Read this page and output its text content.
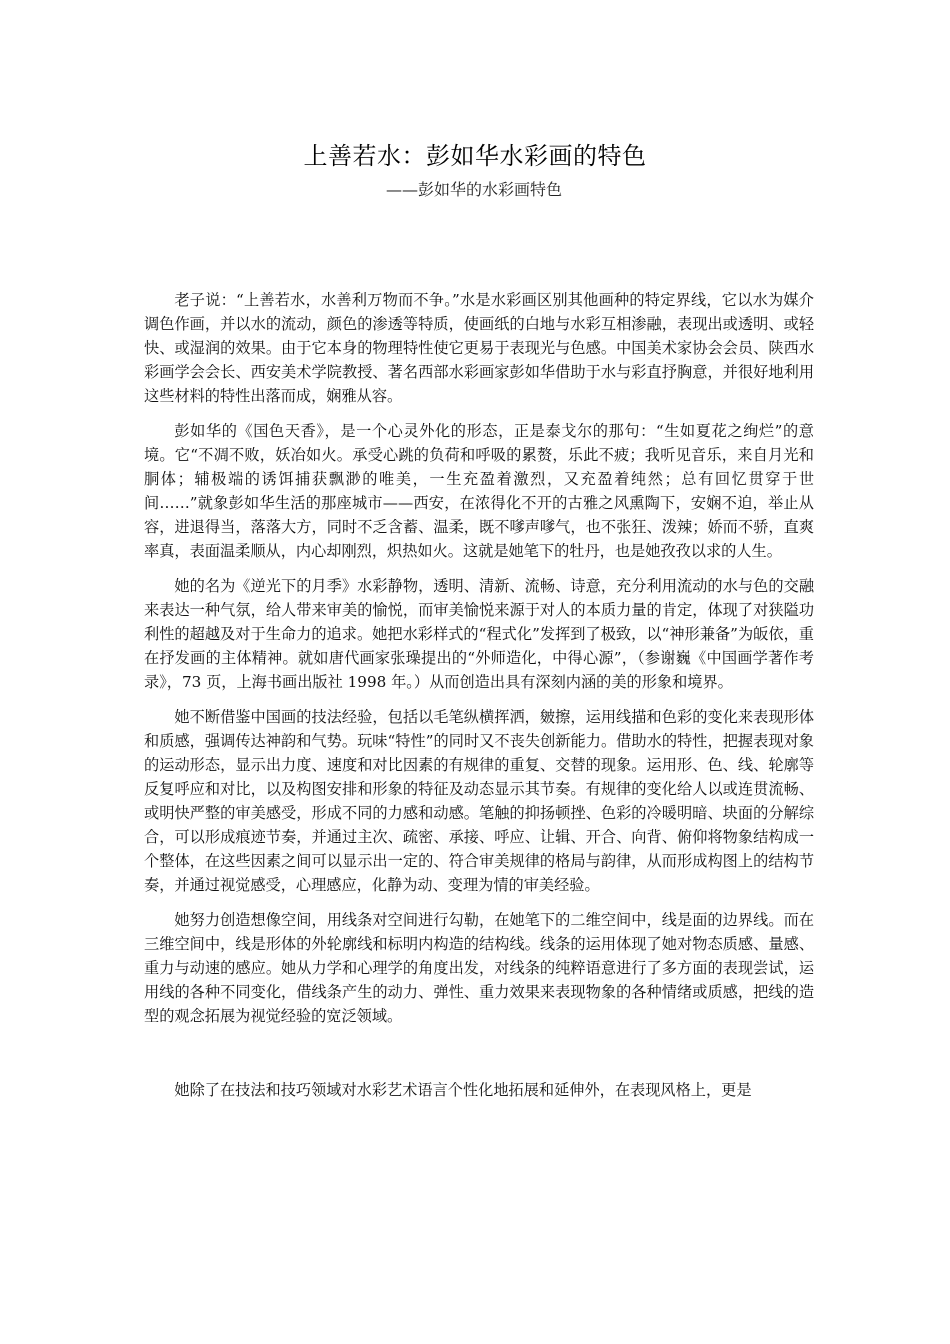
上善若水：彭如华水彩画的特色
——彭如华的水彩画特色

老子说：“上善若水，水善利万物而不争。”水是水彩画区别其他画种的特定界线，它以水为媒介调色作画，并以水的流动，颜色的渗透等特质，使画纸的白地与水彩互相渗融，表现出或透明、或轻快、或湿润的效果。由于它本身的物理特性使它更易于表现光与色感。中国美术家协会会员、陕西水彩画学会会长、西安美术学院教授、著名西部水彩画家彭如华借助于水与彩直抒胸意，并很好地利用这些材料的特性出落而成，娴雅从容。

彭如华的《国色天香》，是一个心灵外化的形态，正是泰戈尔的那句：“生如夏花之绚烂”的意境。它“不凋不败，妖冶如火。承受心跳的负荷和呼吸的累赘，乐此不疲；我听见音乐，来自月光和胴体；辅极端的诱饵捕获飘渺的唯美，一生充盈着激烈，又充盈着纯然；总有回忆贯穿于世间……”就象彭如华生活的那座城市——西安，在浓得化不开的古雅之风熏陶下，安娴不迫，举止从容，进退得当，落落大方，同时不乏含蓄、温柔，既不嗲声嗲气，也不张狂、泼辣；娇而不骄，直爽率真，表面温柔顺从，内心却刚烈，炽热如火。这就是她笔下的牡丹，也是她孜孜以求的人生。

她的名为《逆光下的月季》水彩静物，透明、清新、流畅、诗意，充分利用流动的水与色的交融来表达一种气氛，给人带来审美的愉悦，而审美愉悦来源于对人的本质力量的肯定，体现了对狭隘功利性的超越及对于生命力的追求。她把水彩样式的“程式化”发挥到了极致，以“神形兼备”为皈依，重在抒发画的主体精神。就如唐代画家张璪提出的“外师造化，中得心源”，（参谢巍《中国画学著作考录》，73 页，上海书画出版社 1998 年。）从而创造出具有深刻内涵的美的形象和境界。

她不断借鉴中国画的技法经验，包括以毛笔纵横挥洒，皴擦，运用线描和色彩的变化来表现形体和质感，强调传达神韵和气势。玩味“特性”的同时又不丧失创新能力。借助水的特性，把握表现对象的运动形态，显示出力度、速度和对比因素的有规律的重复、交替的现象。运用形、色、线、轮廓等反复呼应和对比，以及构图安排和形象的特征及动态显示其节奏。有规律的变化给人以或连贯流畅、或明快严整的审美感受，形成不同的力感和动感。笔触的抑扬顿挫、色彩的冷暖明暗、块面的分解综合，可以形成痕迹节奏，并通过主次、疏密、承接、呼应、让辑、开合、向背、俯仰将物象结构成一个整体，在这些因素之间可以显示出一定的、符合审美规律的格局与韵律，从而形成构图上的结构节奏，并通过视觉感受，心理感应，化静为动、变理为情的审美经验。

她努力创造想像空间，用线条对空间进行勾勒，在她笔下的二维空间中，线是面的边界线。而在三维空间中，线是形体的外轮廓线和标明内构造的结构线。线条的运用体现了她对物态质感、量感、重力与动速的感应。她从力学和心理学的角度出发，对线条的纯粹语意进行了多方面的表现尝试，运用线的各种不同变化，借线条产生的动力、弹性、重力效果来表现物象的各种情绪或质感，把线的造型的观念拓展为视觉经验的宽泛领域。

她除了在技法和技巧领域对水彩艺术语言个性化地拓展和延伸外，在表现风格上，更是
